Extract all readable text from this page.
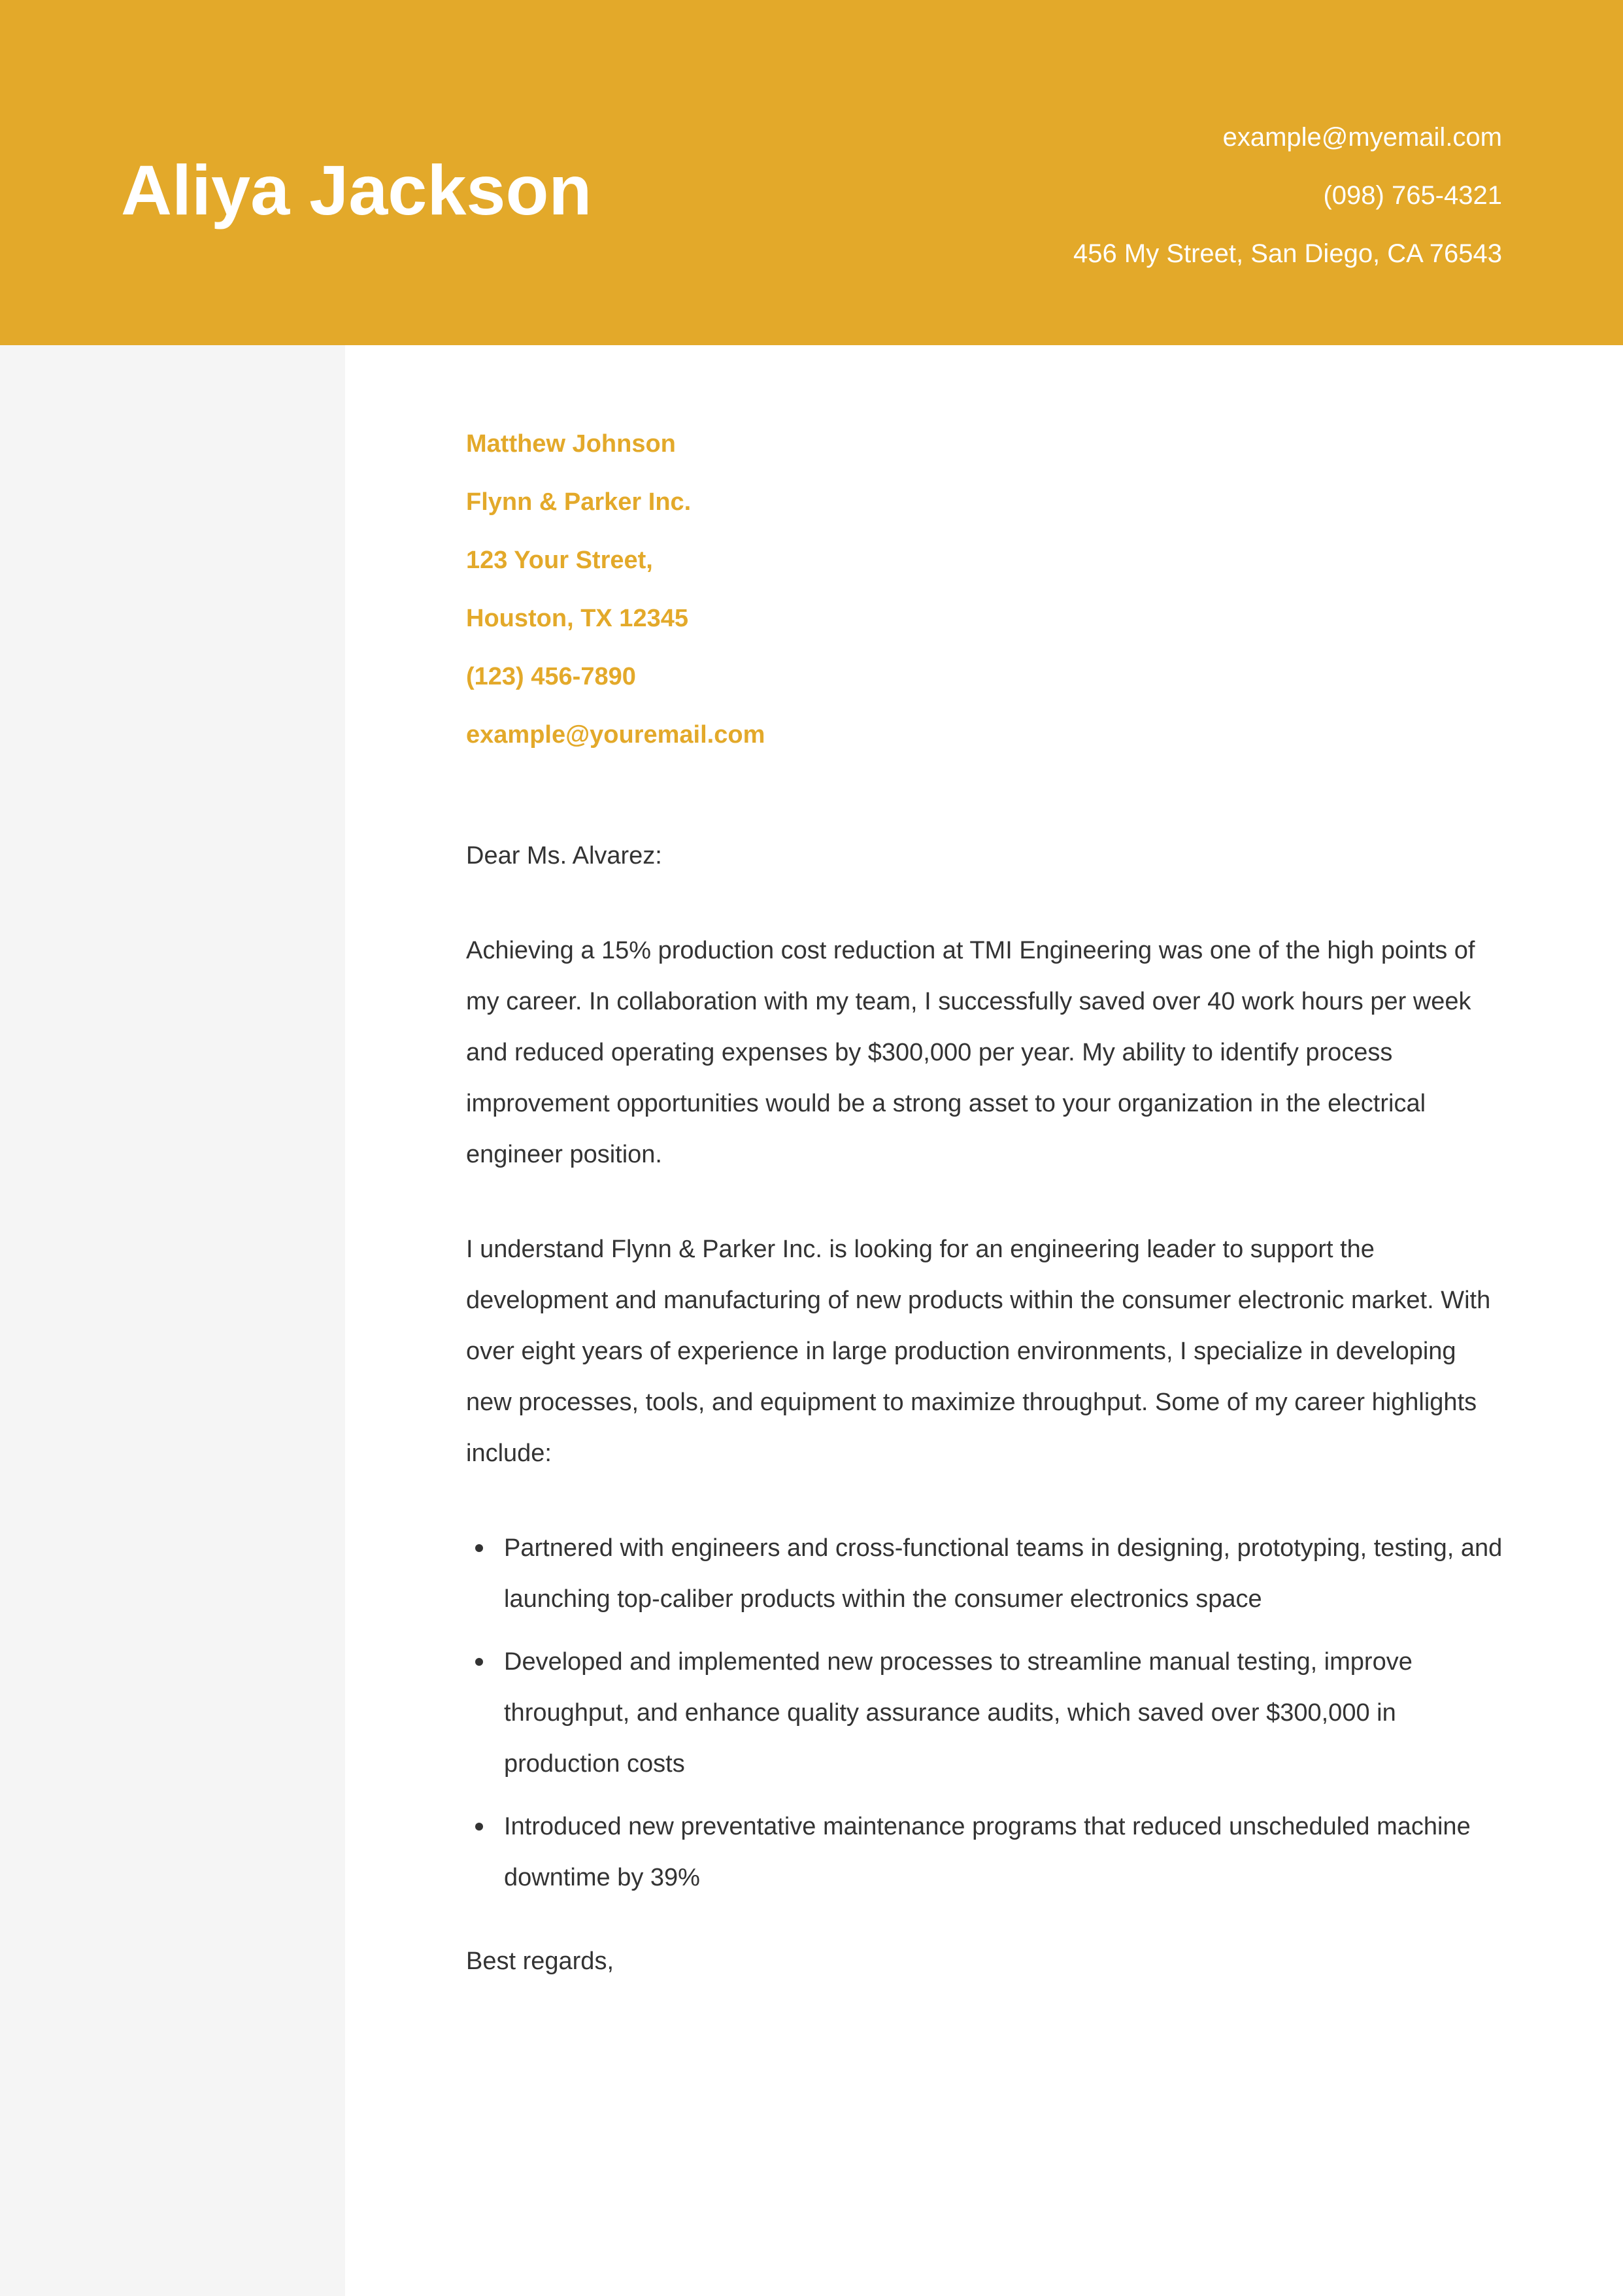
Aliya Jackson
example@myemail.com
(098) 765-4321
456 My Street, San Diego, CA 76543
Matthew Johnson
Flynn & Parker Inc.
123 Your Street,
Houston, TX 12345
(123) 456-7890
example@youremail.com

Dear Ms. Alvarez:

Achieving a 15% production cost reduction at TMI Engineering was one of the high points of my career. In collaboration with my team, I successfully saved over 40 work hours per week and reduced operating expenses by $300,000 per year. My ability to identify process improvement opportunities would be a strong asset to your organization in the electrical engineer position.

I understand Flynn & Parker Inc. is looking for an engineering leader to support the development and manufacturing of new products within the consumer electronic market. With over eight years of experience in large production environments, I specialize in developing new processes, tools, and equipment to maximize throughput. Some of my career highlights include:

Partnered with engineers and cross-functional teams in designing, prototyping, testing, and launching top-caliber products within the consumer electronics space
Developed and implemented new processes to streamline manual testing, improve throughput, and enhance quality assurance audits, which saved over $300,000 in production costs
Introduced new preventative maintenance programs that reduced unscheduled machine downtime by 39%

Best regards,
